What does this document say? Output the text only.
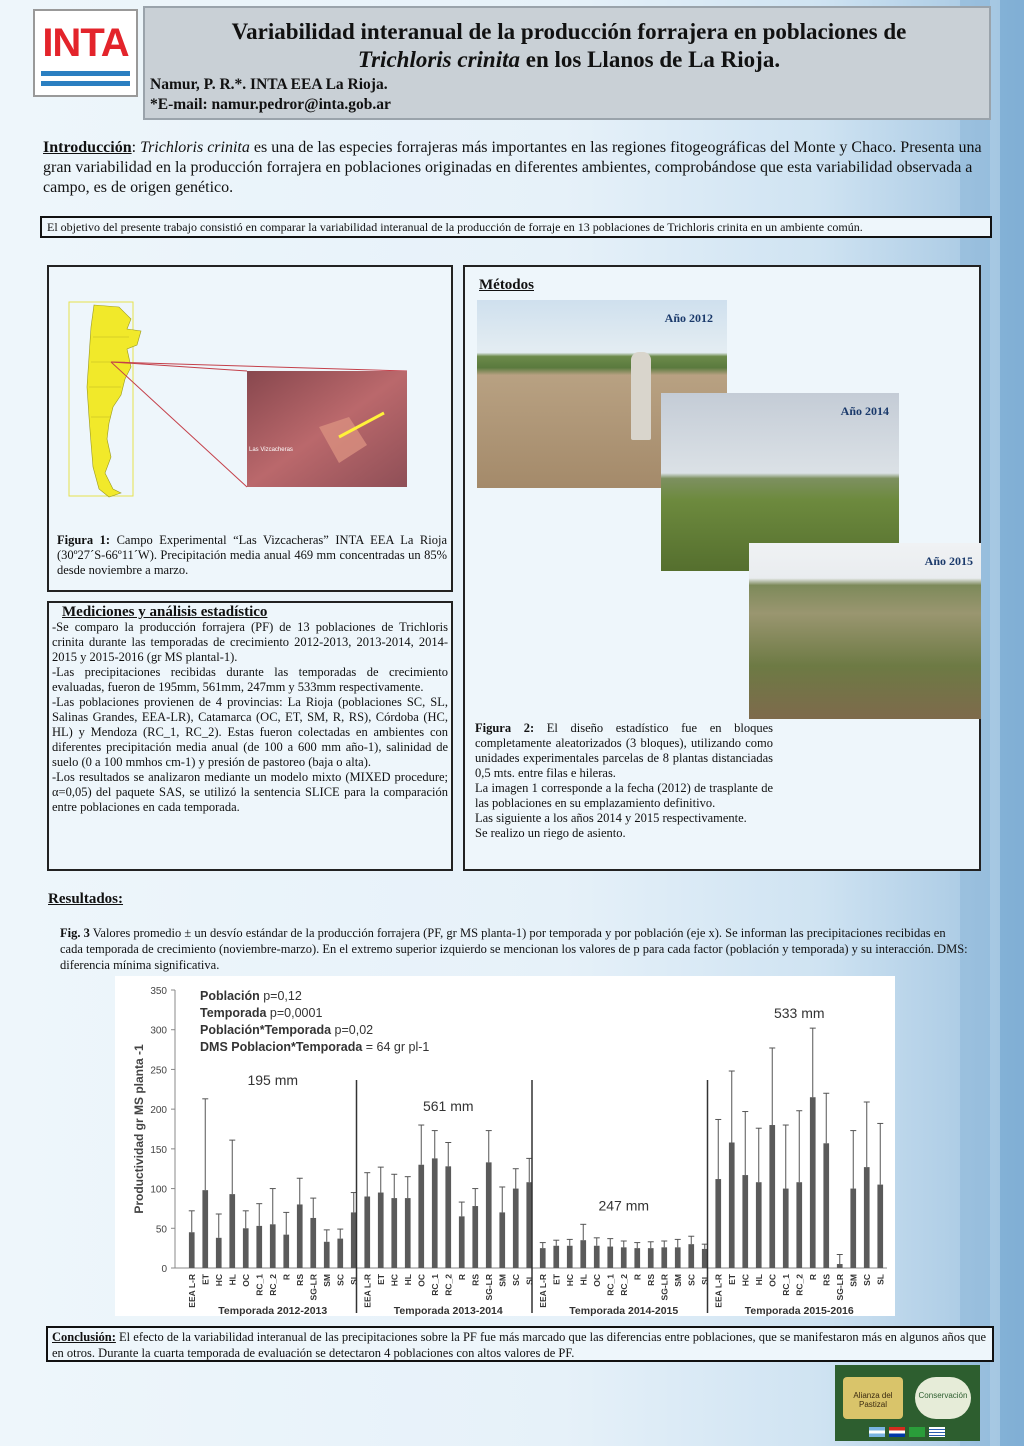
INTA	Variabilidad interanual de la producción forrajera en poblaciones de
Trichloris crinita en los Llanos de La Rioja.
Namur, P. R.*. INTA EEA La Rioja.
*E-mail: namur.pedror@inta.gob.ar
Introducción: Trichloris crinita es una de las especies forrajeras más importantes en las regiones fitogeográficas del Monte y Chaco. Presenta una gran variabilidad en la producción forrajera en poblaciones originadas en diferentes ambientes, comprobándose que esta variabilidad observada a campo, es de origen genético.
El objetivo del presente trabajo consistió en comparar la variabilidad interanual de la producción de forraje en 13 poblaciones de Trichloris crinita en un ambiente común.
Las Vizcacheras
Figura 1: Campo Experimental “Las Vizcacheras” INTA EEA La Rioja (30º27´S-66º11´W). Precipitación media anual 469 mm concentradas un 85% desde noviembre a marzo.
Mediciones y análisis estadístico
-Se comparo la producción forrajera (PF) de 13 poblaciones de Trichloris crinita durante las temporadas de crecimiento 2012-2013, 2013-2014, 2014-2015 y 2015-2016 (gr MS plantal-1).
-Las precipitaciones recibidas durante las temporadas de crecimiento evaluadas, fueron de 195mm, 561mm, 247mm y 533mm respectivamente.
-Las poblaciones provienen de 4 provincias: La Rioja (poblaciones SC, SL, Salinas Grandes, EEA-LR), Catamarca (OC, ET, SM, R, RS), Córdoba (HC, HL) y Mendoza (RC_1, RC_2). Estas fueron colectadas en ambientes con diferentes precipitación media anual (de 100 a 600 mm año-1), salinidad de suelo (0 a 100 mmhos cm-1) y presión de pastoreo (baja o alta).
-Los resultados se analizaron mediante un modelo mixto (MIXED procedure; α=0,05) del paquete SAS, se utilizó la sentencia SLICE para la comparación entre poblaciones en cada temporada.
Métodos
Año 2012
Año 2014
Año 2015
Figura 2: El diseño estadístico fue en bloques completamente aleatorizados (3 bloques), utilizando como unidades experimentales parcelas de 8 plantas distanciadas 0,5 mts. entre filas e hileras.
La imagen 1 corresponde a la fecha (2012) de trasplante de las poblaciones en su emplazamiento definitivo.
Las siguiente a los años 2014 y 2015 respectivamente.
Se realizo un riego de asiento.
Resultados:
Fig. 3 Valores promedio ± un desvío estándar de la producción forrajera (PF, gr MS planta-1) por temporada y por población (eje x). Se informan las precipitaciones recibidas en cada temporada de crecimiento (noviembre-marzo). En el extremo superior izquierdo se mencionan los valores de p para cada factor (población y temporada) y su interacción. DMS: diferencia mínima significativa.
0
50
100
150
200
250
300
350
Productividad gr MS planta -1
Población p=0,12
Temporada p=0,0001
Población*Temporada p=0,02
DMS Poblacion*Temporada = 64 gr pl-1
EEA L-R ET HC HL OC RC_1 RC_2 R RS SG-LR SM SC SL
195 mm
Temporada 2012-2013
EEA L-R ET HC HL OC RC_1 RC_2 R RS SG-LR SM SC SL
561 mm
Temporada 2013-2014
EEA L-R ET HC HL OC RC_1 RC_2 R RS SG-LR SM SC SL
247 mm
Temporada 2014-2015
EEA L-R ET HC HL OC RC_1 RC_2 R RS SG-LR SM SC SL
533 mm
Temporada 2015-2016
Conclusión: El efecto de la variabilidad interanual de las precipitaciones sobre la PF fue más marcado que las diferencias entre poblaciones, que se manifestaron más en algunos años que en otros. Durante la cuarta temporada de evaluación se detectaron 4 poblaciones con altos valores de PF.
Alianza del Pastizal
Conservación
